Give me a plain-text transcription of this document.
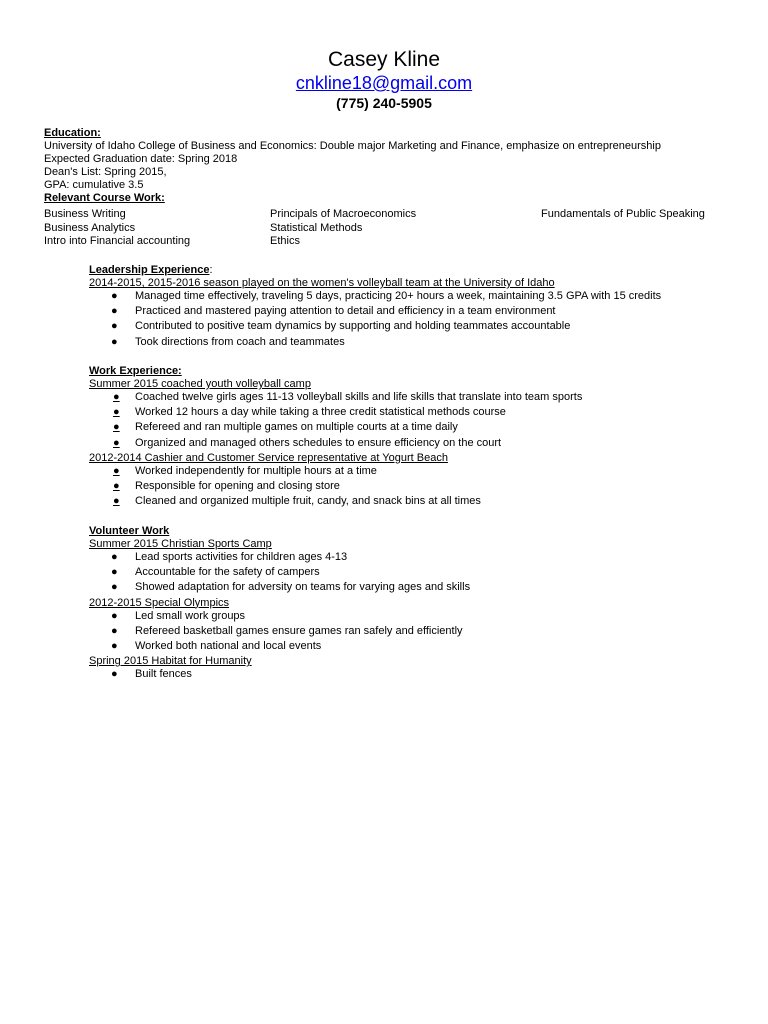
Casey Kline
cnkline18@gmail.com
(775) 240-5905
Education:
University of Idaho College of Business and Economics: Double major Marketing and Finance, emphasize on entrepreneurship
Expected Graduation date: Spring 2018
Dean's List: Spring 2015,
GPA: cumulative 3.5
Relevant Course Work:
Business Writing	Principals of Macroeconomics	Fundamentals of Public Speaking
Business Analytics	Statistical Methods
Intro into Financial accounting	Ethics
Leadership Experience:
2014-2015, 2015-2016 season played on the women's volleyball team at the University of Idaho
● Managed time effectively, traveling 5 days, practicing 20+ hours a week, maintaining 3.5 GPA with 15 credits
● Practiced and mastered paying attention to detail and efficiency in a team environment
● Contributed to positive team dynamics by supporting and holding teammates accountable
● Took directions from coach and teammates
Work Experience:
Summer 2015 coached youth volleyball camp
●	Coached twelve girls ages 11-13 volleyball skills and life skills that translate into team sports
●	Worked 12 hours a day while taking a three credit statistical methods course
●	Refereed and ran multiple games on multiple courts at a time daily
●	Organized and managed others schedules to ensure efficiency on the court
2012-2014 Cashier and Customer Service representative at Yogurt Beach
●	Worked independently for multiple hours at a time
●	Responsible for opening and closing store
●	Cleaned and organized multiple fruit, candy, and snack bins at all times
Volunteer Work
Summer 2015 Christian Sports Camp
● Lead sports activities for children ages 4-13
● Accountable for the safety of campers
● Showed adaptation for adversity on teams for varying ages and skills
2012-2015 Special Olympics
● Led small work groups
● Refereed basketball games ensure games ran safely and efficiently
● Worked both national and local events
Spring 2015 Habitat for Humanity
● Built fences
